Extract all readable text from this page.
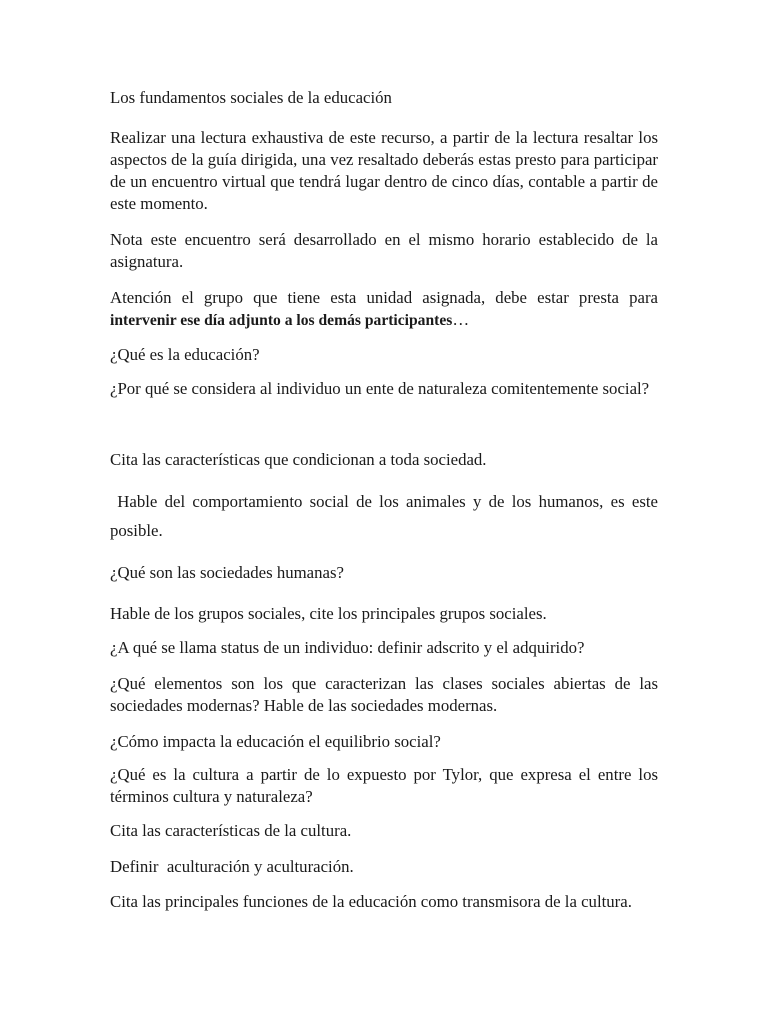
Los fundamentos sociales de la educación

Realizar una lectura exhaustiva de este recurso, a partir de la lectura resaltar los aspectos de la guía dirigida, una vez resaltado deberás estas presto para participar de un encuentro virtual que tendrá lugar dentro de cinco días, contable a partir de este momento.

Nota este encuentro será desarrollado en el mismo horario establecido de la asignatura.

Atención el grupo que tiene esta unidad asignada, debe estar presta para intervenir ese día adjunto a los demás participantes…

¿Qué es la educación?

¿Por qué se considera al individuo un ente de naturaleza comitentemente social?

Cita las características que condicionan a toda sociedad.

Hable del comportamiento social de los animales y de los humanos, es este posible.

¿Qué son las sociedades humanas?

Hable de los grupos sociales, cite los principales grupos sociales.

¿A qué se llama status de un individuo: definir adscrito y el adquirido?

¿Qué elementos son los que caracterizan las clases sociales abiertas de las sociedades modernas? Hable de las sociedades modernas.

¿Cómo impacta la educación el equilibrio social?

¿Qué es la cultura a partir de lo expuesto por Tylor, que expresa el entre los términos cultura y naturaleza?

Cita las características de la cultura.

Definir  aculturación y aculturación.

Cita las principales funciones de la educación como transmisora de la cultura.
